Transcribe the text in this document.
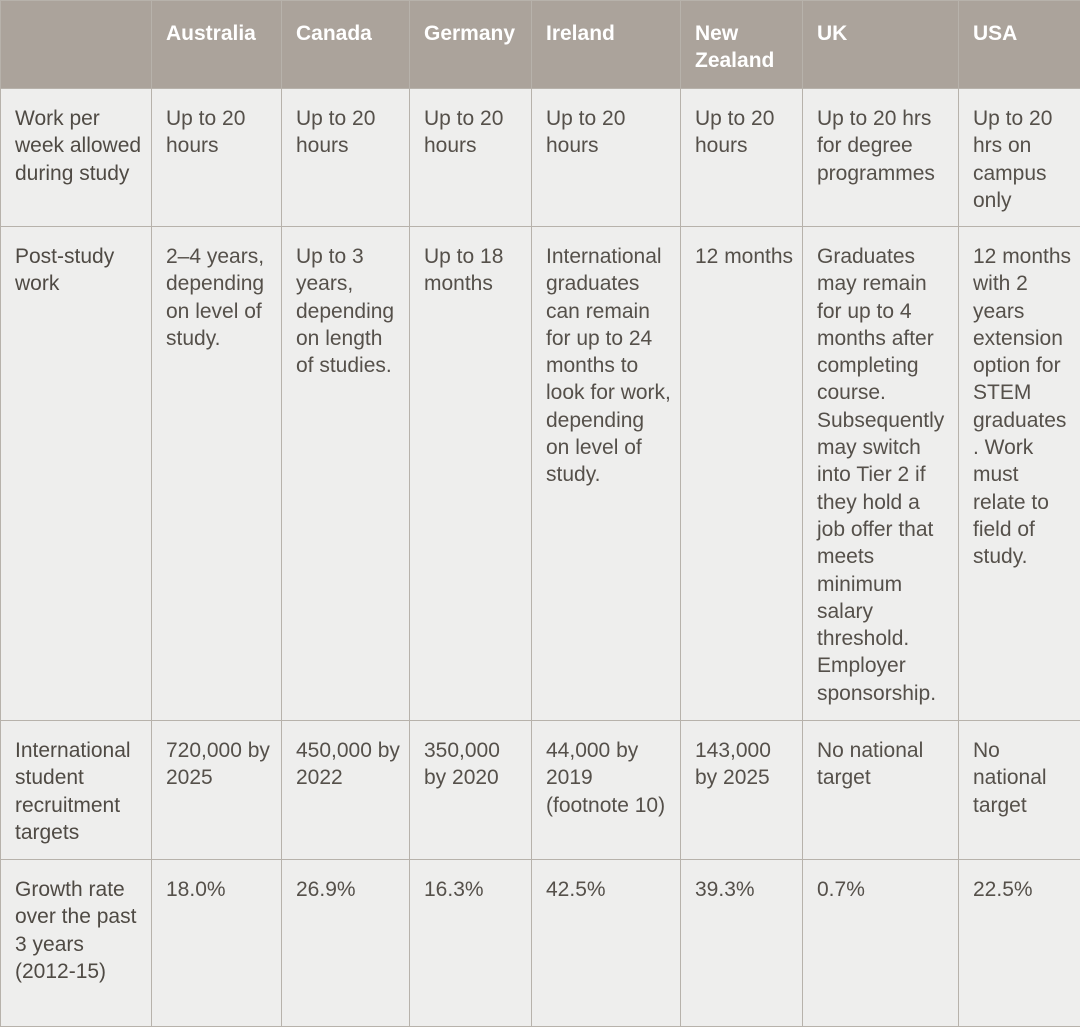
	Australia	Canada	Germany	Ireland	New Zealand	UK	USA
Work per week allowed during study	Up to 20 hours	Up to 20 hours	Up to 20 hours	Up to 20 hours	Up to 20 hours	Up to 20 hrs for degree programmes	Up to 20 hrs on campus only
Post-study work	2–4 years, depending on level of study.	Up to 3 years, depending on length of studies.	Up to 18 months	International graduates can remain for up to 24 months to look for work, depending on level of study.	12 months	Graduates may remain for up to 4 months after completing course. Subsequently may switch into Tier 2 if they hold a job offer that meets minimum salary threshold. Employer sponsorship.	12 months with 2 years extension option for STEM graduates. Work must relate to field of study.
International student recruitment targets	720,000 by 2025	450,000 by 2022	350,000 by 2020	44,000 by 2019 (footnote 10)	143,000 by 2025	No national target	No national target
Growth rate over the past 3 years (2012-15)	18.0%	26.9%	16.3%	42.5%	39.3%	0.7%	22.5%
